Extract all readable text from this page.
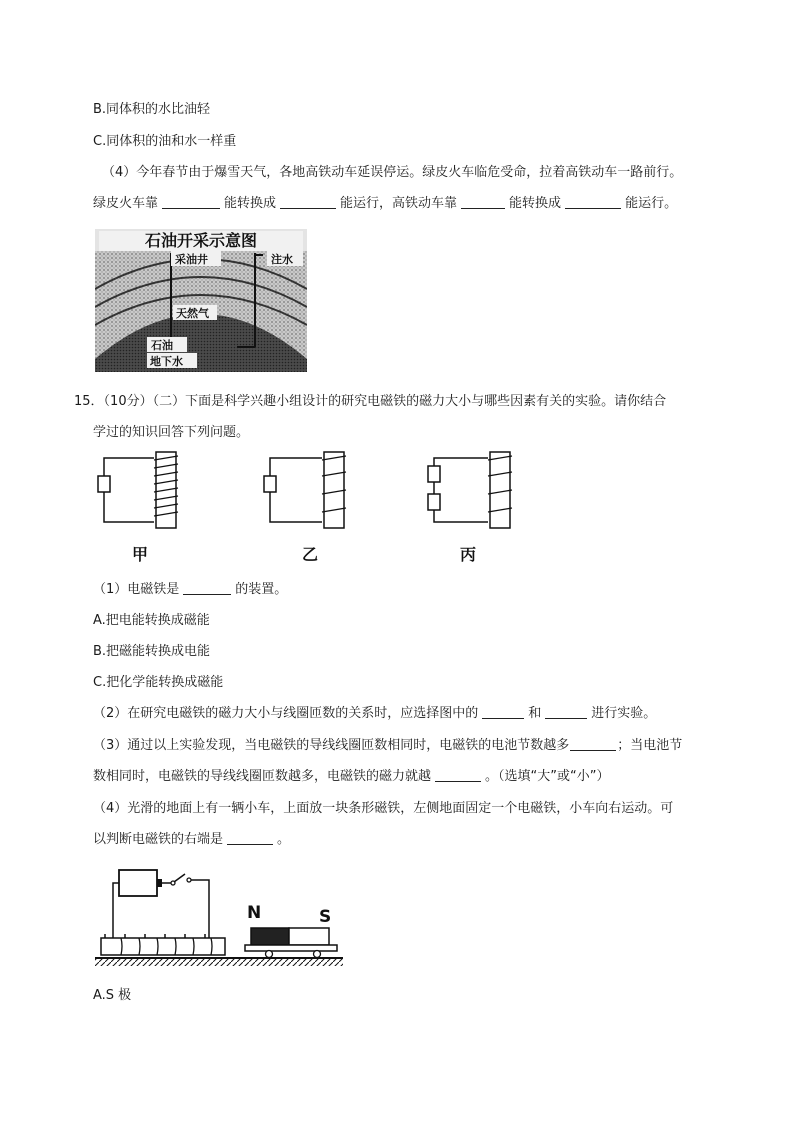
B.同体积的水比油轻
C.同体积的油和水一样重
（4）今年春节由于爆雪天气，各地高铁动车延误停运。绿皮火车临危受命，拉着高铁动车一路前行。
绿皮火车靠	能转换成	能运行，高铁动车靠	能转换成	能运行。
石油开采示意图
采油井	注水
天然气
石油
地下水
15．（10分）（二）下面是科学兴趣小组设计的研究电磁铁的磁力大小与哪些因素有关的实验。请你结合
学过的知识回答下列问题。
甲	乙	丙
（1）电磁铁是	的装置。
A.把电能转换成磁能
B.把磁能转换成电能
C.把化学能转换成磁能
（2）在研究电磁铁的磁力大小与线圈匝数的关系时，应选择图中的	和	进行实验。
（3）通过以上实验发现，当电磁铁的导线线圈匝数相同时，电磁铁的电池节数越多	；当电池节
数相同时，电磁铁的导线线圈匝数越多，电磁铁的磁力就越	。（选填“大”或“小”）
（4）光滑的地面上有一辆小车，上面放一块条形磁铁，左侧地面固定一个电磁铁，小车向右运动。可
以判断电磁铁的右端是	。
N	S
A.S 极
